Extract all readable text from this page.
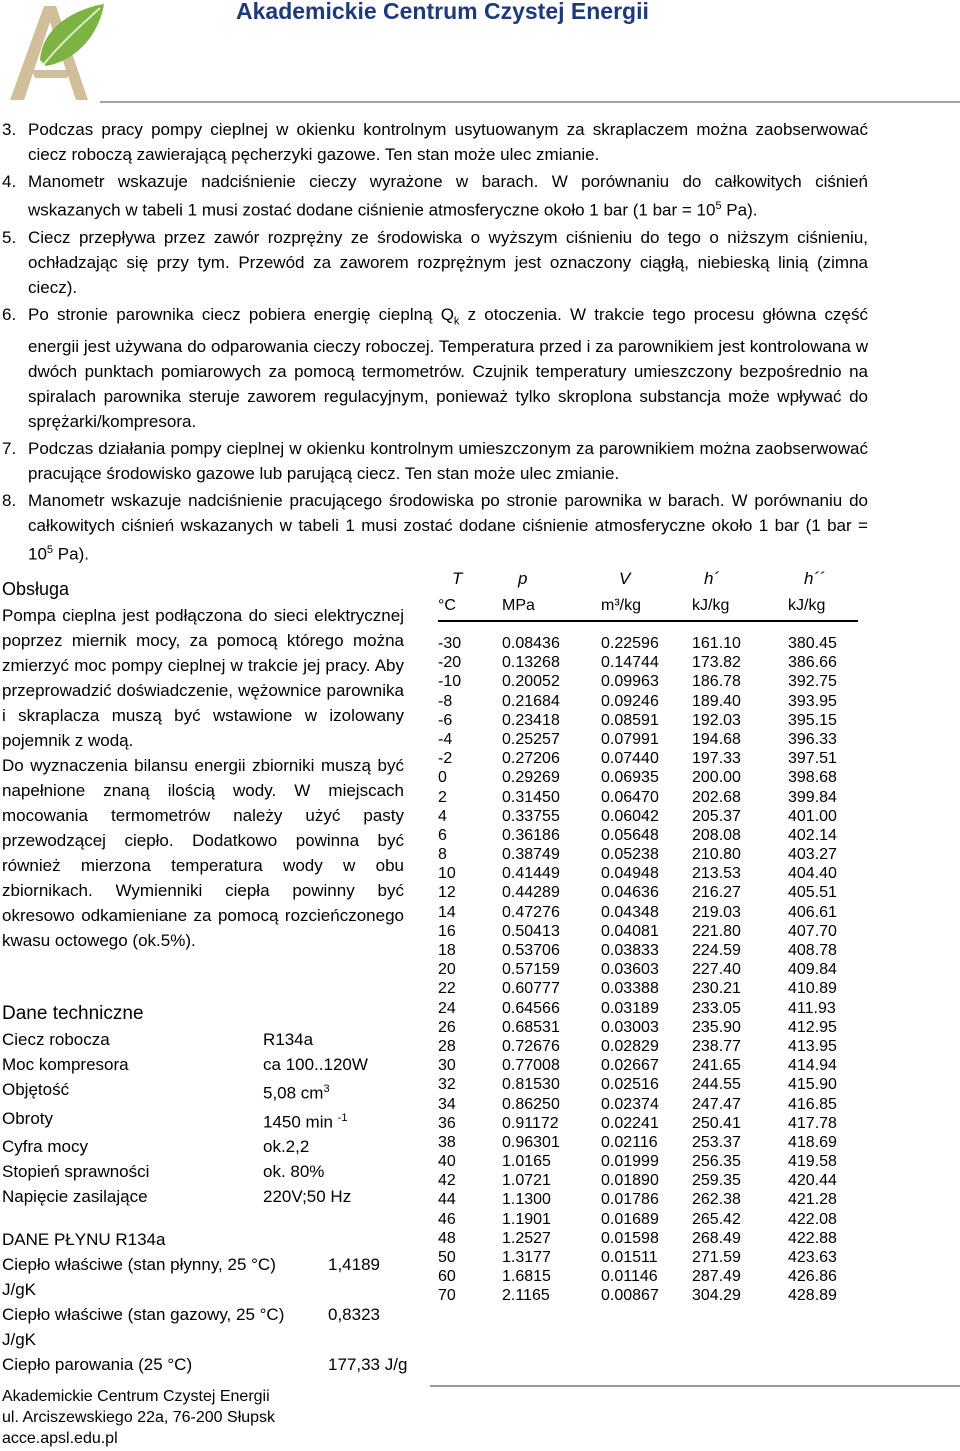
Akademickie Centrum Czystej Energii
3. Podczas pracy pompy cieplnej w okienku kontrolnym usytuowanym za skraplaczem można zaobserwować ciecz roboczą zawierającą pęcherzyki gazowe. Ten stan może ulec zmianie.

4. Manometr wskazuje nadciśnienie cieczy wyrażone w barach. W porównaniu do całkowitych ciśnień wskazanych w tabeli 1 musi zostać dodane ciśnienie atmosferyczne około 1 bar (1 bar = $10^5$ Pa).

5. Ciecz przepływa przez zawór rozprężny ze środowiska o wyższym ciśnieniu do tego o niższym ciśnieniu, ochładzając się przy tym. Przewód za zaworem rozprężnym jest oznaczony ciągłą, niebieską linią (zimna ciecz).

6. Po stronie parownika ciecz pobiera energię cieplną $Q_k$ z otoczenia. W trakcie tego procesu główna część energii jest używana do odparowania cieczy roboczej. Temperatura przed i za parownikiem jest kontrolowana w dwóch punktach pomiarowych za pomocą termometrów. Czujnik temperatury umieszczony bezpośrednio na spiralach parownika steruje zaworem regulacyjnym, ponieważ tylko skroplona substancja może wpływać do sprężarki/kompresora.

7. Podczas działania pompy cieplnej w okienku kontrolnym umieszczonym za parownikiem można zaobserwować pracujące środowisko gazowe lub parującą ciecz. Ten stan może ulec zmianie.

8. Manometr wskazuje nadciśnienie pracującego środowiska po stronie parownika w barach. W porównaniu do całkowitych ciśnień wskazanych w tabeli 1 musi zostać dodane ciśnienie atmosferyczne około 1 bar (1 bar = $10^5$ Pa).

Obsługa

Pompa cieplna jest podłączona do sieci elektrycznej poprzez miernik mocy, za pomocą którego można zmierzyć moc pompy cieplnej w trakcie jej pracy. Aby przeprowadzić doświadczenie, wężownice parownika i skraplacza muszą być wstawione w izolowany pojemnik z wodą.

Do wyznaczenia bilansu energii zbiorniki muszą być napełnione znaną ilością wody. W miejscach mocowania termometrów należy użyć pasty przewodzącej ciepło. Dodatkowo powinna być również mierzona temperatura wody w obu zbiornikach. Wymienniki ciepła powinny być okresowo odkamieniane za pomocą rozcieńczonego kwasu octowego (ok.5%).

Dane techniczne
Ciecz robocza	R134a
Moc kompresora	ca 100..120W
Objętość	5,08 $cm^3$
Obroty	1450 min $^{-1}$
Cyfra mocy	ok.2,2
Stopień sprawności	ok. 80%
Napięcie zasilające	220V;50 Hz
DANE PŁYNU R134a
Ciepło właściwe (stan płynny, 25 °C)	1,4189
J/gK
Ciepło właściwe (stan gazowy, 25 °C)	0,8323
J/gK
Ciepło parowania (25 °C)	177,33 J/g
Akademickie Centrum Czystej Energii
ul. Arciszewskiego 22a, 76-200 Słupsk
acce.apsl.edu.pl
T	p	V	h´	h´´
°C	MPa	m³/kg	kJ/kg	kJ/kg
-30	0.08436	0.22596	161.10	380.45
-20	0.13268	0.14744	173.82	386.66
-10	0.20052	0.09963	186.78	392.75
-8	0.21684	0.09246	189.40	393.95
-6	0.23418	0.08591	192.03	395.15
-4	0.25257	0.07991	194.68	396.33
-2	0.27206	0.07440	197.33	397.51
0	0.29269	0.06935	200.00	398.68
2	0.31450	0.06470	202.68	399.84
4	0.33755	0.06042	205.37	401.00
6	0.36186	0.05648	208.08	402.14
8	0.38749	0.05238	210.80	403.27
10	0.41449	0.04948	213.53	404.40
12	0.44289	0.04636	216.27	405.51
14	0.47276	0.04348	219.03	406.61
16	0.50413	0.04081	221.80	407.70
18	0.53706	0.03833	224.59	408.78
20	0.57159	0.03603	227.40	409.84
22	0.60777	0.03388	230.21	410.89
24	0.64566	0.03189	233.05	411.93
26	0.68531	0.03003	235.90	412.95
28	0.72676	0.02829	238.77	413.95
30	0.77008	0.02667	241.65	414.94
32	0.81530	0.02516	244.55	415.90
34	0.86250	0.02374	247.47	416.85
36	0.91172	0.02241	250.41	417.78
38	0.96301	0.02116	253.37	418.69
40	1.0165	0.01999	256.35	419.58
42	1.0721	0.01890	259.35	420.44
44	1.1300	0.01786	262.38	421.28
46	1.1901	0.01689	265.42	422.08
48	1.2527	0.01598	268.49	422.88
50	1.3177	0.01511	271.59	423.63
60	1.6815	0.01146	287.49	426.86
70	2.1165	0.00867	304.29	428.89
